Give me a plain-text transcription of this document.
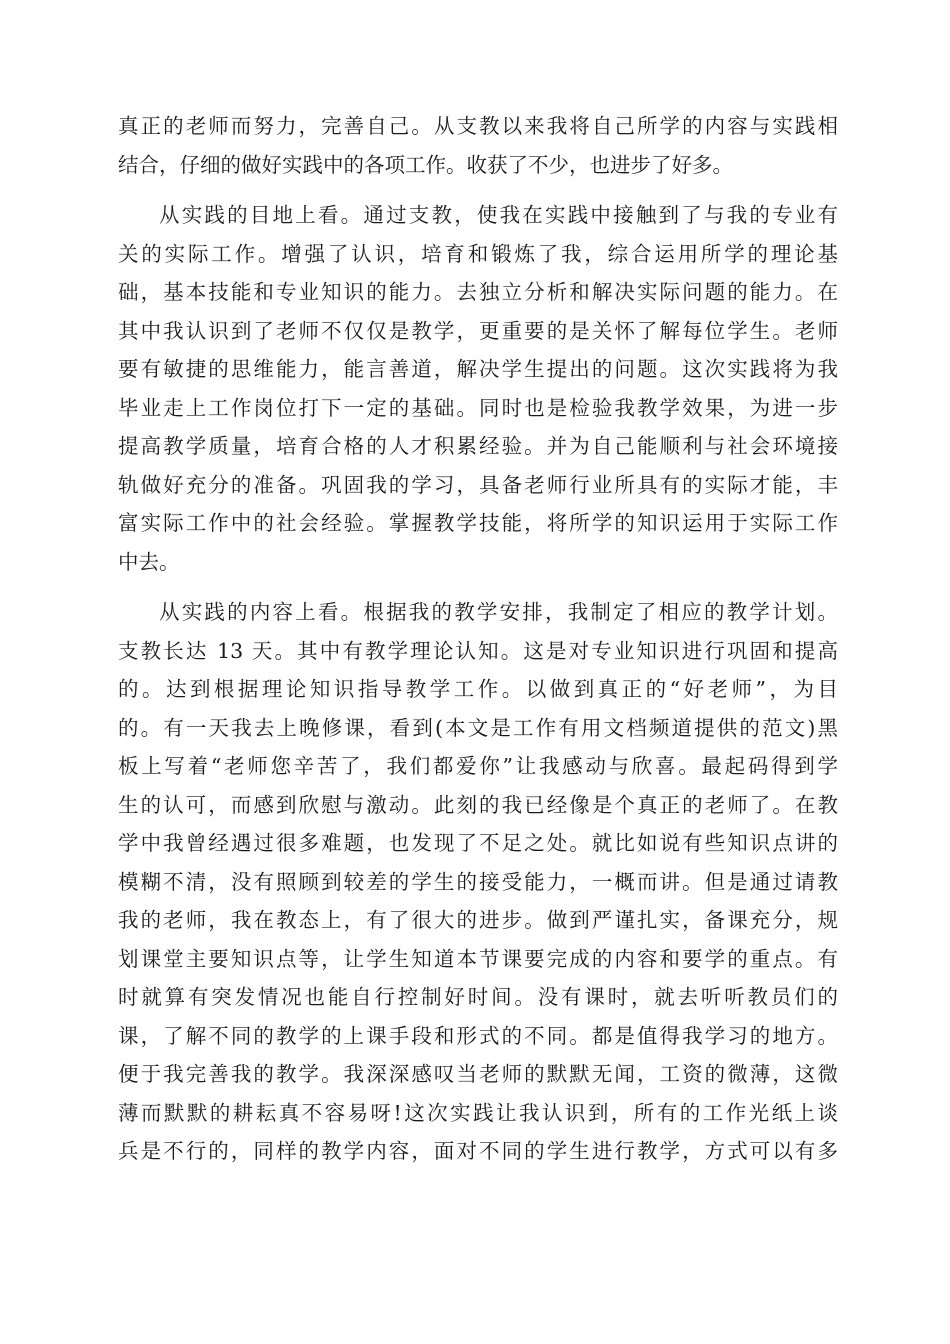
真正的老师而努力，完善自己。从支教以来我将自己所学的内容与实践相
结合，仔细的做好实践中的各项工作。收获了不少，也进步了好多。
从实践的目地上看。通过支教，使我在实践中接触到了与我的专业有
关的实际工作。增强了认识，培育和锻炼了我，综合运用所学的理论基
础，基本技能和专业知识的能力。去独立分析和解决实际问题的能力。在
其中我认识到了老师不仅仅是教学，更重要的是关怀了解每位学生。老师
要有敏捷的思维能力，能言善道，解决学生提出的问题。这次实践将为我
毕业走上工作岗位打下一定的基础。同时也是检验我教学效果，为进一步
提高教学质量，培育合格的人才积累经验。并为自己能顺利与社会环境接
轨做好充分的准备。巩固我的学习，具备老师行业所具有的实际才能，丰
富实际工作中的社会经验。掌握教学技能，将所学的知识运用于实际工作
中去。
从实践的内容上看。根据我的教学安排，我制定了相应的教学计划。
支教长达 13 天。其中有教学理论认知。这是对专业知识进行巩固和提高
的。达到根据理论知识指导教学工作。以做到真正的“好老师”，为目
的。有一天我去上晚修课，看到(本文是工作有用文档频道提供的范文)黑
板上写着“老师您辛苦了，我们都爱你”让我感动与欣喜。最起码得到学
生的认可，而感到欣慰与激动。此刻的我已经像是个真正的老师了。在教
学中我曾经遇过很多难题，也发现了不足之处。就比如说有些知识点讲的
模糊不清，没有照顾到较差的学生的接受能力，一概而讲。但是通过请教
我的老师，我在教态上，有了很大的进步。做到严谨扎实，备课充分，规
划课堂主要知识点等，让学生知道本节课要完成的内容和要学的重点。有
时就算有突发情况也能自行控制好时间。没有课时，就去听听教员们的
课，了解不同的教学的上课手段和形式的不同。都是值得我学习的地方。
便于我完善我的教学。我深深感叹当老师的默默无闻，工资的微薄，这微
薄而默默的耕耘真不容易呀!这次实践让我认识到，所有的工作光纸上谈
兵是不行的，同样的教学内容，面对不同的学生进行教学，方式可以有多
